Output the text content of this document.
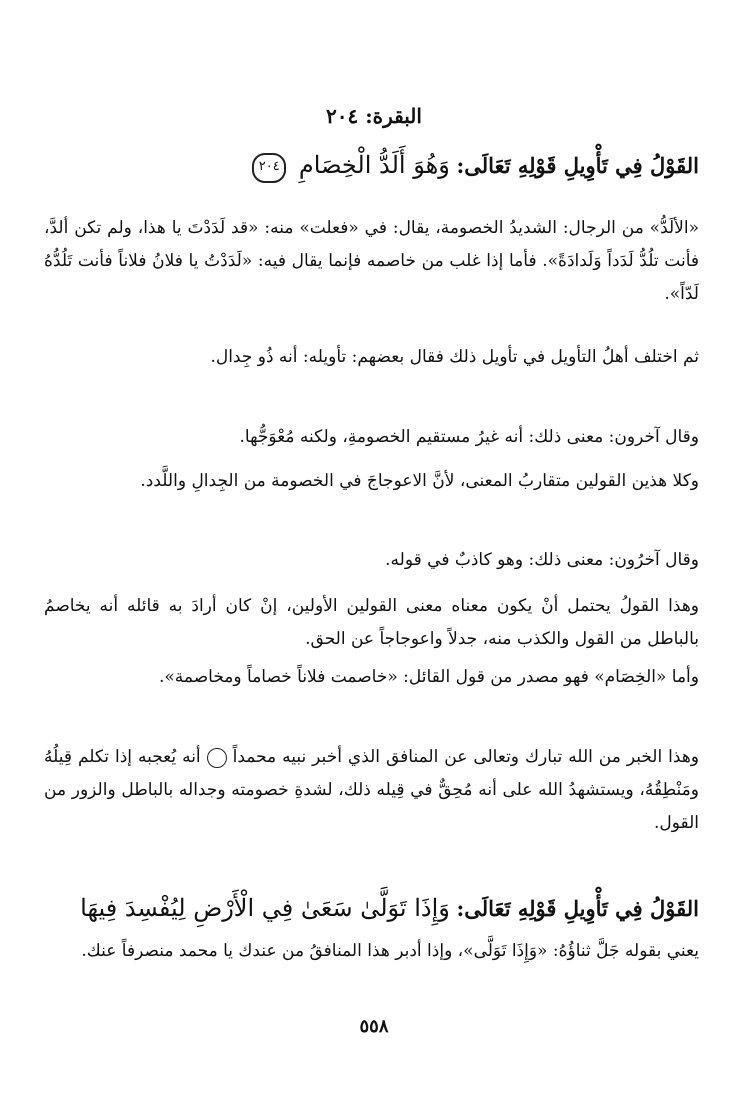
البقرة: ٢٠٤
القَوْلُ فِي تَأْوِيلِ قَوْلِهِ تَعَالَى: وَهُوَ أَلَدُّ الْخِصَامِ ٢٠٤
«الألَدُّ» من الرجال: الشديدُ الخصومة، يقال: في «فعلت» منه: «قد لَدَدْتَ يا هذا، ولم تكن ألدَّ، فأنت تلُدُّ لَدَداً وَلَدادَةً». فأما إذا غلب من خاصمه فإنما يقال فيه: «لَدَدْتُ يا فلانُ فلاناً فأنت تَلُدُّهُ لَدّاً».
ثم اختلف أهلُ التأويل في تأويل ذلك فقال بعضهم: تأويله: أنه ذُو جِدال.
وقال آخرون: معنى ذلك: أنه غيرُ مستقيم الخصومةِ، ولكنه مُعْوَجُّها.
وكلا هذين القولين متقاربُ المعنى، لأنَّ الاعوجاجَ في الخصومة من الجِدالِ واللَّدد.
وقال آخرُون: معنى ذلك: وهو كاذبٌ في قوله.
وهذا القولُ يحتمل أنْ يكون معناه معنى القولين الأولين، إنْ كان أرادَ به قائله أنه يخاصمُ بالباطل من القول والكذب منه، جدلاً واعوجاجاً عن الحق.
وأما «الخِصَام» فهو مصدر من قول القائل: «خاصمت فلاناً خصاماً ومخاصمة».
وهذا الخبر من الله تبارك وتعالى عن المنافق الذي أخبر نبيه محمداً  أنه يُعجبه إذا تكلم قِيلُهُ ومَنْطِقُهُ، ويستشهدُ الله على أنه مُحِقٌّ في قِيله ذلك، لشدةِ خصومته وجداله بالباطل والزور من القول.
القَوْلُ فِي تَأْوِيلِ قَوْلِهِ تَعَالَى: وَإِذَا تَوَلَّىٰ سَعَىٰ فِي الْأَرْضِ لِيُفْسِدَ فِيهَا
يعني بقوله جَلَّ ثناؤُهُ: «وَإِذَا تَوَلَّى»، وإذا أدبر هذا المنافقُ من عندك يا محمد منصرفاً عنك.
٥٥٨
